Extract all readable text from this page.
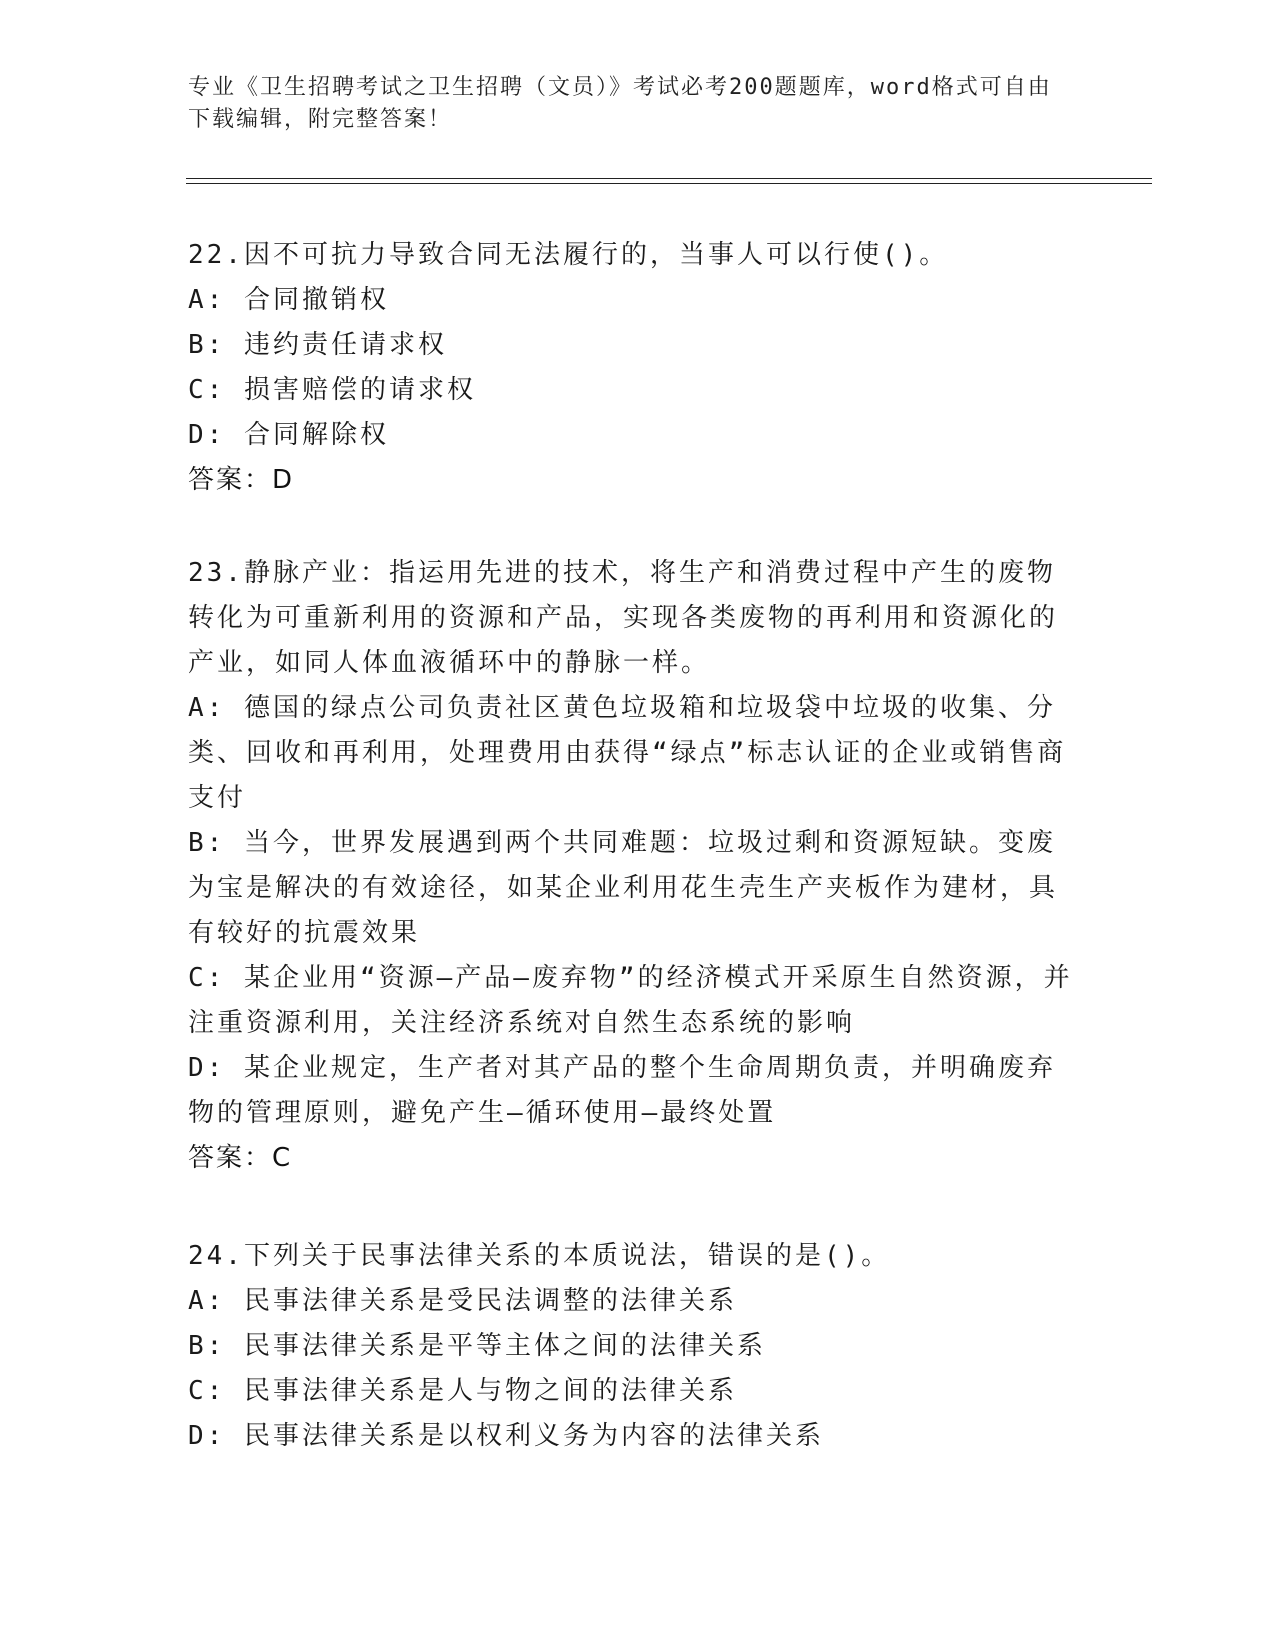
专业《卫生招聘考试之卫生招聘（文员）》考试必考200题题库，word格式可自由下载编辑，附完整答案！

22.因不可抗力导致合同无法履行的，当事人可以行使()。

A: 合同撤销权

B: 违约责任请求权

C: 损害赔偿的请求权

D: 合同解除权

答案：D

23.静脉产业：指运用先进的技术，将生产和消费过程中产生的废物转化为可重新利用的资源和产品，实现各类废物的再利用和资源化的产业，如同人体血液循环中的静脉一样。

A: 德国的绿点公司负责社区黄色垃圾箱和垃圾袋中垃圾的收集、分类、回收和再利用，处理费用由获得“绿点”标志认证的企业或销售商支付

B: 当今，世界发展遇到两个共同难题：垃圾过剩和资源短缺。变废为宝是解决的有效途径，如某企业利用花生壳生产夹板作为建材，具有较好的抗震效果

C: 某企业用“资源—产品—废弃物”的经济模式开采原生自然资源，并注重资源利用，关注经济系统对自然生态系统的影响

D: 某企业规定，生产者对其产品的整个生命周期负责，并明确废弃物的管理原则，避免产生—循环使用—最终处置

答案：C

24.下列关于民事法律关系的本质说法，错误的是()。

A: 民事法律关系是受民法调整的法律关系

B: 民事法律关系是平等主体之间的法律关系

C: 民事法律关系是人与物之间的法律关系

D: 民事法律关系是以权利义务为内容的法律关系
